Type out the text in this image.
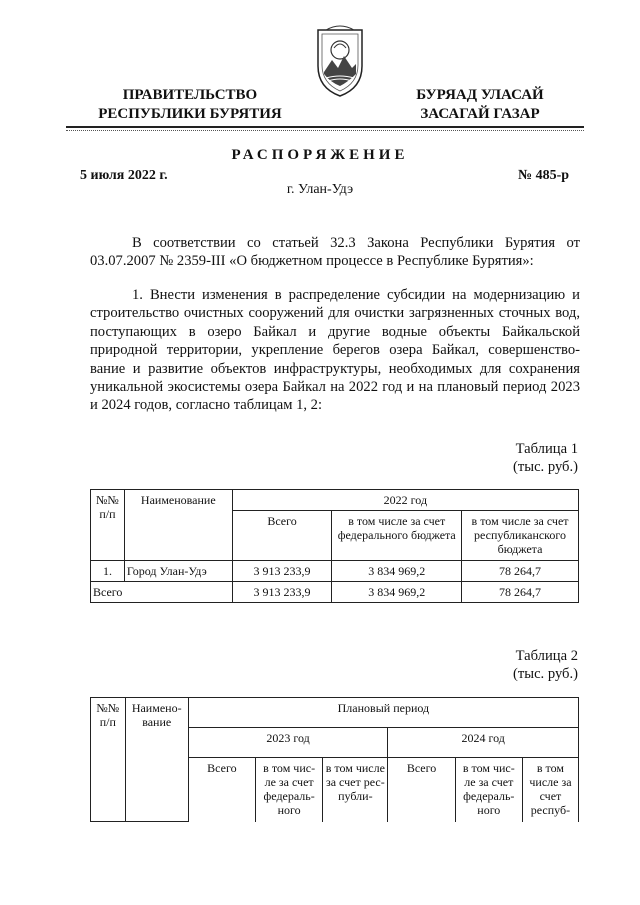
ПРАВИТЕЛЬСТВО
РЕСПУБЛИКИ БУРЯТИЯ
БУРЯАД УЛАСАЙ
ЗАСАГАЙ ГАЗАР
РАСПОРЯЖЕНИЕ
5 июля 2022 г.	№ 485-р
г. Улан-Удэ
В соответствии со статьей 32.3 Закона Республики Бурятия от 03.07.2007 № 2359-III «О бюджетном процессе в Республике Бурятия»:
1. Внести изменения в распределение субсидии на модернизацию и строительство очистных сооружений для очистки загрязненных сточных вод, поступающих в озеро Байкал и другие водные объекты Байкальской природной территории, укрепление берегов озера Байкал, совершенство-вание и развитие объектов инфраструктуры, необходимых для сохранения уникальной экосистемы озера Байкал на 2022 год и на плановый период 2023 и 2024 годов, согласно таблицам 1, 2:
Таблица 1
(тыс. руб.)
№№ п/п	Наименование	2022 год		
		Всего	в том числе за счет федерального бюджета	в том числе за счет республиканского бюджета
1.	Город Улан-Удэ	3 913 233,9	3 834 969,2	78 264,7
Всего		3 913 233,9	3 834 969,2	78 264,7
Таблица 2
(тыс. руб.)
№№ п/п	Наимено-вание	Плановый период					
		2023 год			2024 год		
		Всего	в том чис-ле за счет федераль-ного	в том числе за счет рес-публи-	Всего	в том чис-ле за счет федераль-ного	в том числе за счет респуб-
